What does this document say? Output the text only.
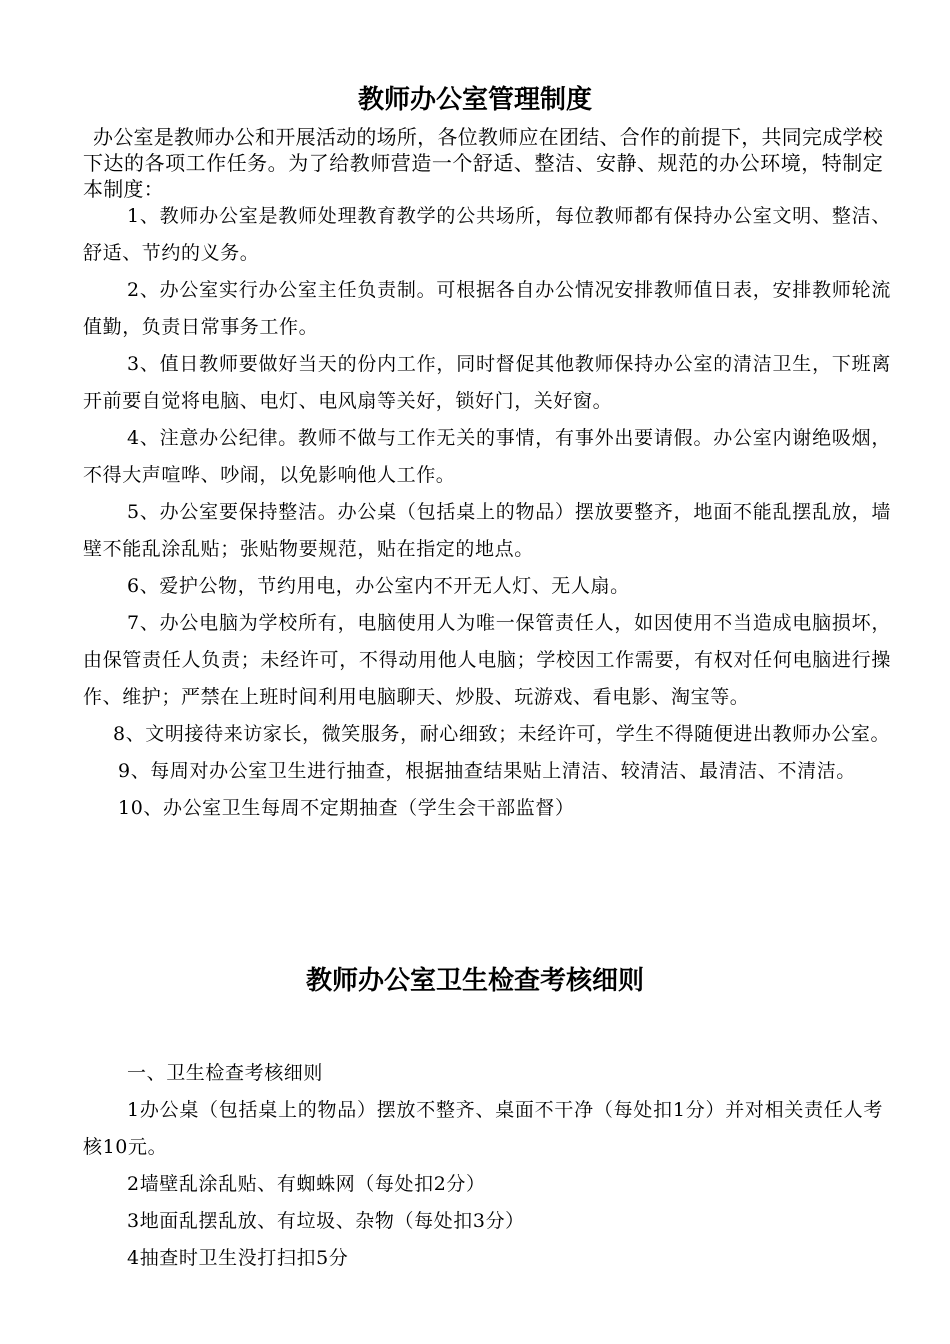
教师办公室管理制度
办公室是教师办公和开展活动的场所，各位教师应在团结、合作的前提下，共同完成学校下达的各项工作任务。为了给教师营造一个舒适、整洁、安静、规范的办公环境，特制定本制度：

1、教师办公室是教师处理教育教学的公共场所，每位教师都有保持办公室文明、整洁、舒适、节约的义务。

2、办公室实行办公室主任负责制。可根据各自办公情况安排教师值日表，安排教师轮流值勤，负责日常事务工作。

3、值日教师要做好当天的份内工作，同时督促其他教师保持办公室的清洁卫生，下班离开前要自觉将电脑、电灯、电风扇等关好，锁好门，关好窗。

4、注意办公纪律。教师不做与工作无关的事情，有事外出要请假。办公室内谢绝吸烟，不得大声喧哗、吵闹，以免影响他人工作。

5、办公室要保持整洁。办公桌（包括桌上的物品）摆放要整齐，地面不能乱摆乱放，墙壁不能乱涂乱贴；张贴物要规范，贴在指定的地点。

6、爱护公物，节约用电，办公室内不开无人灯、无人扇。

7、办公电脑为学校所有，电脑使用人为唯一保管责任人，如因使用不当造成电脑损坏，由保管责任人负责；未经许可，不得动用他人电脑；学校因工作需要，有权对任何电脑进行操作、维护；严禁在上班时间利用电脑聊天、炒股、玩游戏、看电影、淘宝等。

8、文明接待来访家长，微笑服务，耐心细致；未经许可，学生不得随便进出教师办公室。

9、每周对办公室卫生进行抽查，根据抽查结果贴上清洁、较清洁、最清洁、不清洁。

10、办公室卫生每周不定期抽查（学生会干部监督）

教师办公室卫生检查考核细则

一、卫生检查考核细则

1办公桌（包括桌上的物品）摆放不整齐、桌面不干净（每处扣1分）并对相关责任人考核10元。

2墙壁乱涂乱贴、有蜘蛛网（每处扣2分）

3地面乱摆乱放、有垃圾、杂物（每处扣3分）

4抽查时卫生没打扫扣5分
